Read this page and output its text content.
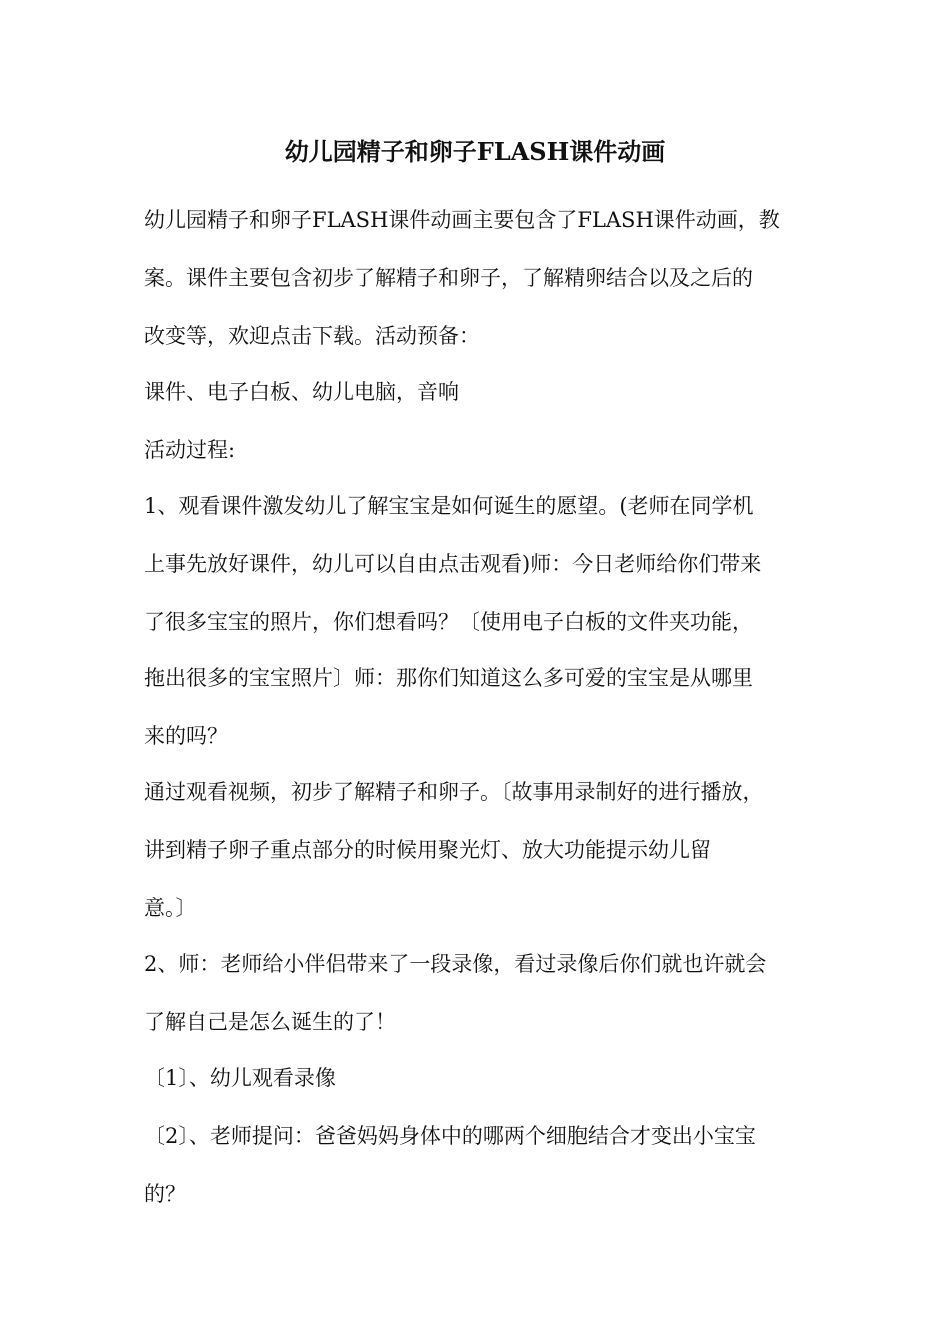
幼儿园精子和卵子FLASH课件动画
幼儿园精子和卵子FLASH课件动画主要包含了FLASH课件动画，教
案。课件主要包含初步了解精子和卵子，了解精卵结合以及之后的
改变等，欢迎点击下载。活动预备：
课件、电子白板、幼儿电脑，音响
活动过程:
1、观看课件激发幼儿了解宝宝是如何诞生的愿望。(老师在同学机
上事先放好课件，幼儿可以自由点击观看)师：今日老师给你们带来
了很多宝宝的照片，你们想看吗？〔使用电子白板的文件夹功能，
拖出很多的宝宝照片〕师：那你们知道这么多可爱的宝宝是从哪里
来的吗？
通过观看视频，初步了解精子和卵子。〔故事用录制好的进行播放，
讲到精子卵子重点部分的时候用聚光灯、放大功能提示幼儿留
意。〕
2、师：老师给小伴侣带来了一段录像，看过录像后你们就也许就会
了解自己是怎么诞生的了！
〔1〕、幼儿观看录像
〔2〕、老师提问：爸爸妈妈身体中的哪两个细胞结合才变出小宝宝
的？
